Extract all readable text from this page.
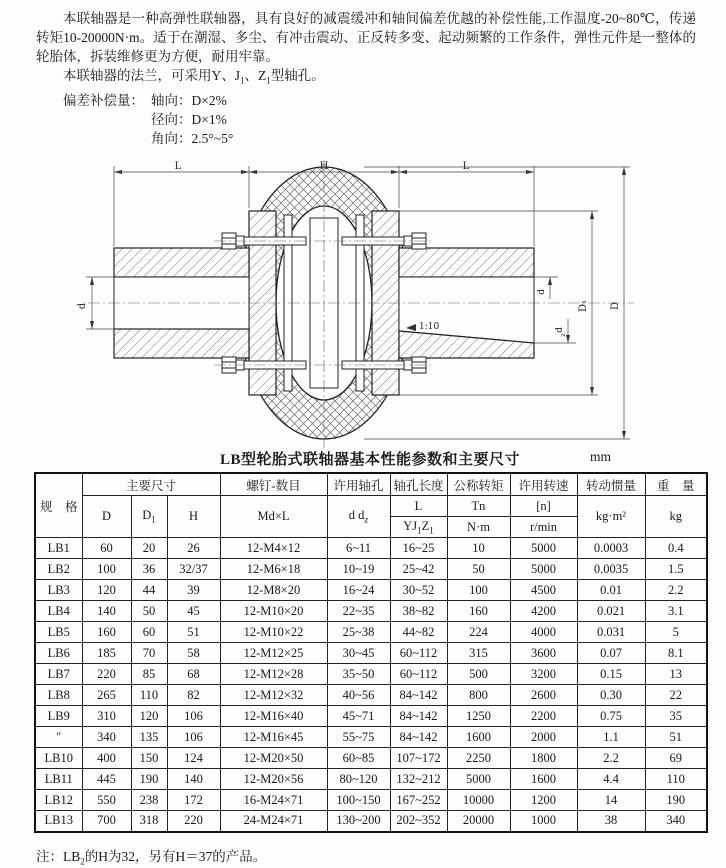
本联轴器是一种高弹性联轴器，具有良好的减震缓冲和轴间偏差优越的补偿性能,工作温度-20~80℃，传递转矩10-20000N·m。适于在潮湿、多尘、有冲击震动、正反转多变、起动频繁的工作条件，弹性元件是一整体的轮胎体，拆装维修更为方便，耐用牢靠。

本联轴器的法兰，可采用Y、$J_1$、$Z_1$型轴孔。

偏差补偿量： 轴向：D×2%
径向：D×1%
角向：2.5°~5°
L	H	L
d
d
d
z
D₁ D
1:10
LB型轮胎式联轴器基本性能参数和主要尺寸	mm
规　格	主要尺寸			螺钉-数目	许用轴孔	轴孔长度	公称转矩	许用转速	转动惯量	重　量
	D	$D_1$	H	Md×L	d $d_z$	L	Tn	[n]	kg·m²	kg
						$YJ_1Z_1$	N·m	r/min		
LB1	60	20	26	12-M4×12	6~11	16~25	10	5000	0.0003	0.4
LB2	100	36	32/37	12-M6×18	10~19	25~42	50	5000	0.0035	1.5
LB3	120	44	39	12-M8×20	16~24	30~52	100	4500	0.01	2.2
LB4	140	50	45	12-M10×20	22~35	38~82	160	4200	0.021	3.1
LB5	160	60	51	12-M10×22	25~38	44~82	224	4000	0.031	5
LB6	185	70	58	12-M12×25	30~45	60~112	315	3600	0.07	8.1
LB7	220	85	68	12-M12×28	35~50	60~112	500	3200	0.15	13
LB8	265	110	82	12-M12×32	40~56	84~142	800	2600	0.30	22
LB9	310	120	106	12-M16×40	45~71	84~142	1250	2200	0.75	35
″	340	135	106	12-M16×45	55~75	84~142	1600	2000	1.1	51
LB10	400	150	124	12-M20×50	60~85	107~172	2250	1800	2.2	69
LB11	445	190	140	12-M20×56	80~120	132~212	5000	1600	4.4	110
LB12	550	238	172	16-M24×71	100~150	167~252	10000	1200	14	190
LB13	700	318	220	24-M24×71	130~200	202~352	20000	1000	38	340
注：$LB_2$的H为32，另有H＝37的产品。
